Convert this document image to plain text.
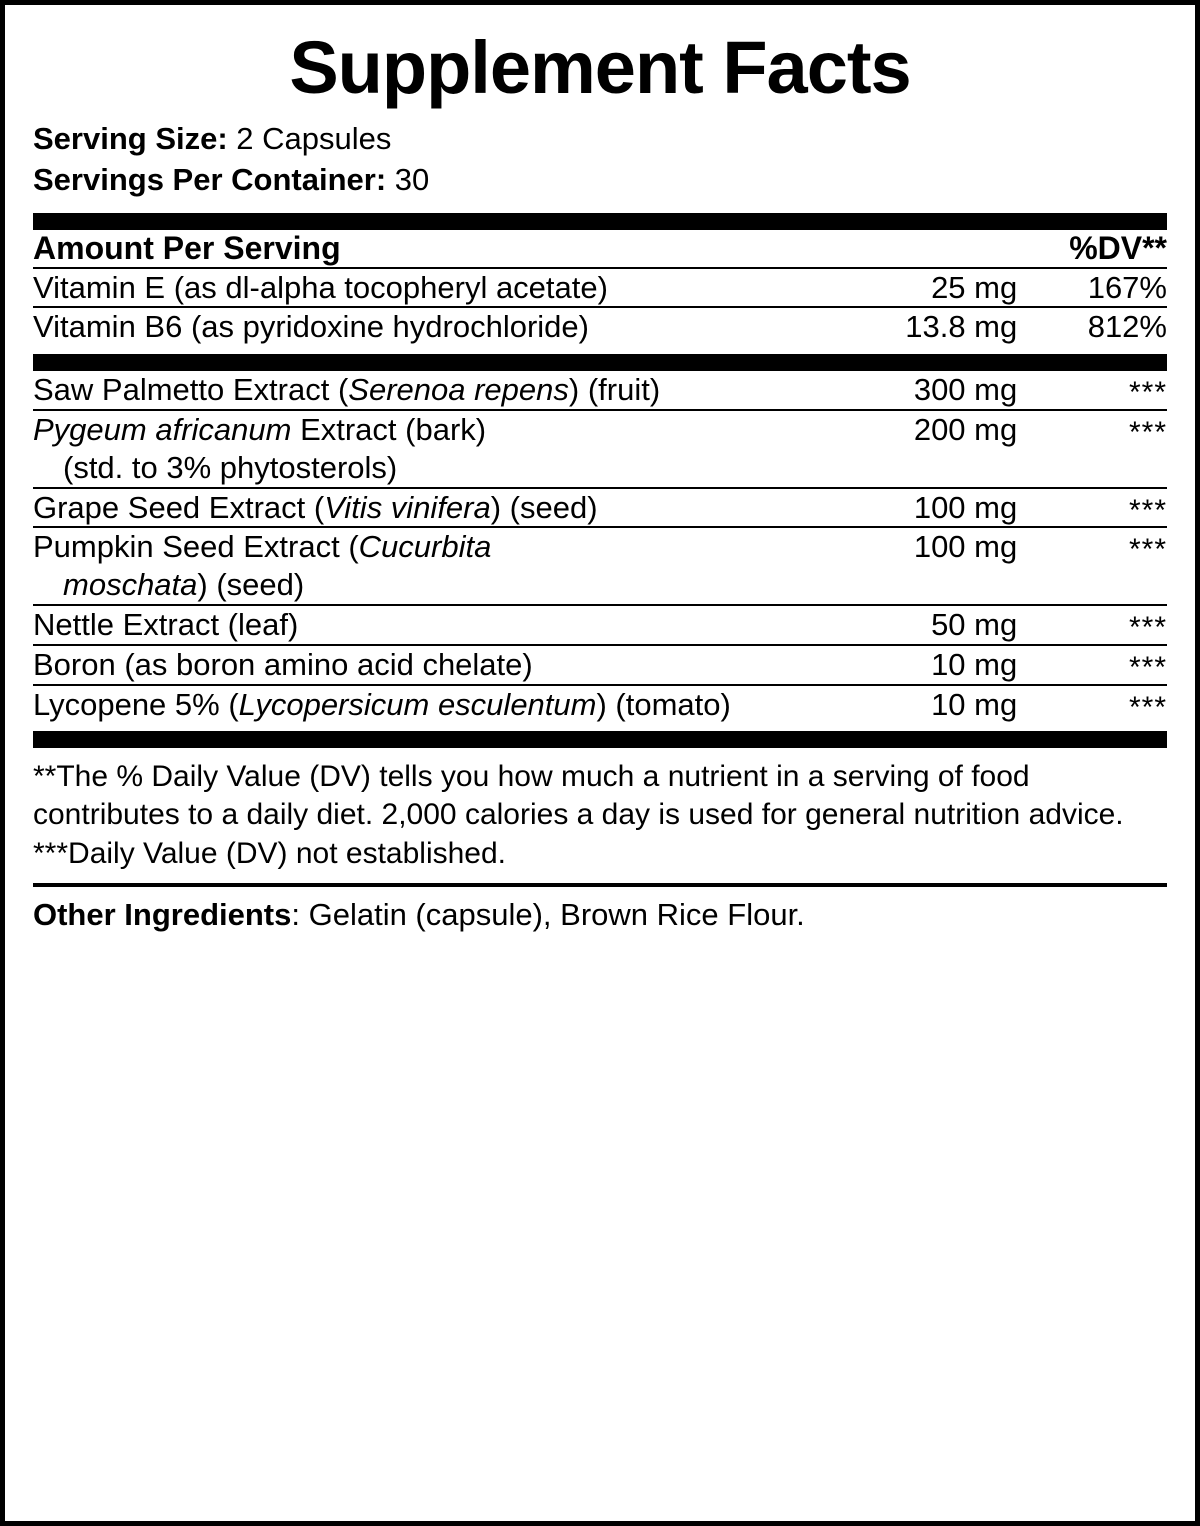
Supplement Facts
Serving Size: 2 Capsules
Servings Per Container: 30
Amount Per Serving		%DV**

Vitamin E (as dl-alpha tocopheryl acetate)	25 mg	167%

Vitamin B6 (as pyridoxine hydrochloride)	13.8 mg	812%

Saw Palmetto Extract (Serenoa repens) (fruit)	300 mg	***

Pygeum africanum Extract (bark)
(std. to 3% phytosterols)	200 mg	***

Grape Seed Extract (Vitis vinifera) (seed)	100 mg	***

Pumpkin Seed Extract (Cucurbita
moschata) (seed)	100 mg	***

Nettle Extract (leaf)	50 mg	***

Boron (as boron amino acid chelate)	10 mg	***

Lycopene 5% (Lycopersicum esculentum) (tomato)	10 mg	***

**The % Daily Value (DV) tells you how much a nutrient in a serving of food contributes to a daily diet. 2,000 calories a day is used for general nutrition advice.

***Daily Value (DV) not established.

Other Ingredients: Gelatin (capsule), Brown Rice Flour.
